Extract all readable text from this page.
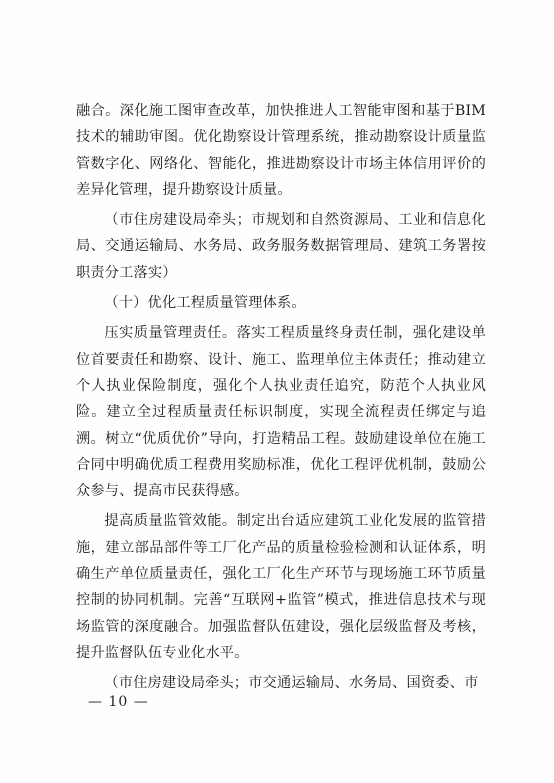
融合。深化施工图审查改革，加快推进人工智能审图和基于BIM技术的辅助审图。优化勘察设计管理系统，推动勘察设计质量监管数字化、网络化、智能化，推进勘察设计市场主体信用评价的差异化管理，提升勘察设计质量。

（市住房建设局牵头；市规划和自然资源局、工业和信息化局、交通运输局、水务局、政务服务数据管理局、建筑工务署按职责分工落实）

（十）优化工程质量管理体系。

压实质量管理责任。落实工程质量终身责任制，强化建设单位首要责任和勘察、设计、施工、监理单位主体责任；推动建立个人执业保险制度，强化个人执业责任追究，防范个人执业风险。建立全过程质量责任标识制度，实现全流程责任绑定与追溯。树立“优质优价”导向，打造精品工程。鼓励建设单位在施工合同中明确优质工程费用奖励标准，优化工程评优机制，鼓励公众参与、提高市民获得感。

提高质量监管效能。制定出台适应建筑工业化发展的监管措施，建立部品部件等工厂化产品的质量检验检测和认证体系，明确生产单位质量责任，强化工厂化生产环节与现场施工环节质量控制的协同机制。完善“互联网+监管”模式，推进信息技术与现场监管的深度融合。加强监督队伍建设，强化层级监督及考核，提升监督队伍专业化水平。

（市住房建设局牵头；市交通运输局、水务局、国资委、市

— 10 —
